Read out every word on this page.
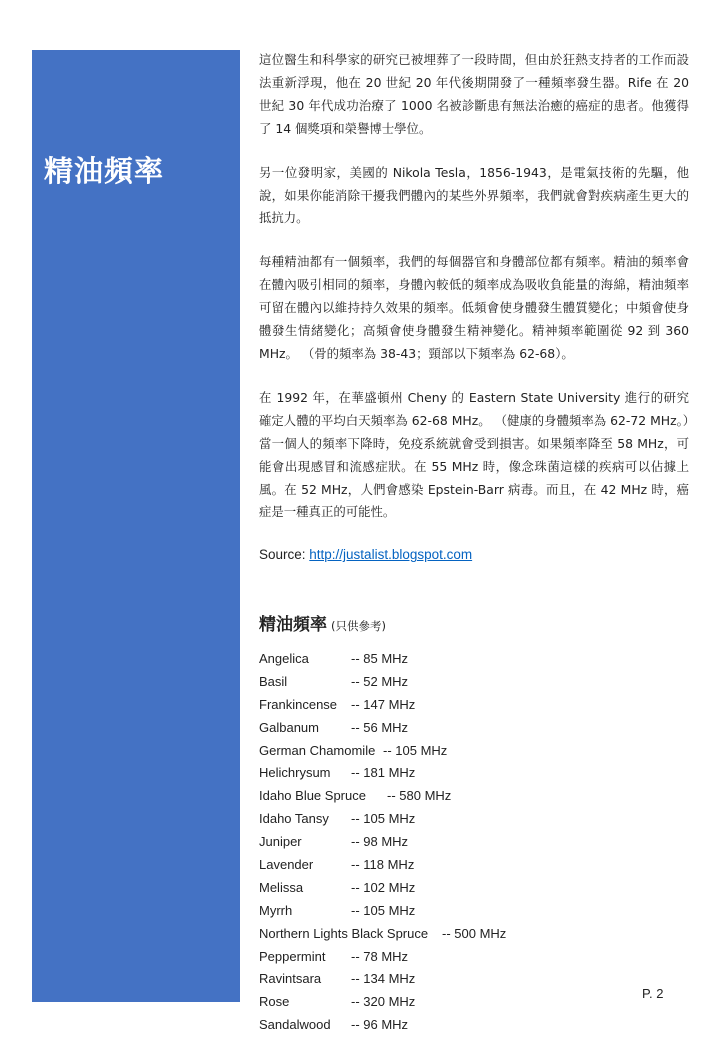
精油頻率

這位醫生和科學家的研究已被埋葬了一段時間，但由於狂熱支持者的工作而設法重新浮現，他在 20 世紀 20 年代後期開發了一種頻率發生器。Rife 在 20 世紀 30 年代成功治療了 1000 名被診斷患有無法治癒的癌症的患者。他獲得了 14 個獎項和榮譽博士學位。

另一位發明家，美國的 Nikola Tesla，1856-1943，是電氣技術的先驅，他說，如果你能消除干擾我們體內的某些外界頻率，我們就會對疾病產生更大的抵抗力。

每種精油都有一個頻率，我們的每個器官和身體部位都有頻率。精油的頻率會在體內吸引相同的頻率，身體內較低的頻率成為吸收負能量的海綿，精油頻率可留在體內以維持持久效果的頻率。低頻會使身體發生體質變化；中頻會使身體發生情緒變化；高頻會使身體發生精神變化。精神頻率範圍從 92 到 360 MHz。 （骨的頻率為 38-43；頸部以下頻率為 62-68）。

在 1992 年，在華盛頓州 Cheny 的 Eastern State University 進行的研究確定人體的平均白天頻率為 62-68 MHz。 （健康的身體頻率為 62-72 MHz。）當一個人的頻率下降時，免疫系統就會受到損害。如果頻率降至 58 MHz，可能會出現感冒和流感症狀。在 55 MHz 時，像念珠菌這樣的疾病可以佔據上風。在 52 MHz，人們會感染 Epstein-Barr 病毒。而且，在 42 MHz 時，癌症是一種真正的可能性。

Source: http://justalist.blogspot.com

精油頻率 (只供參考)
Angelica	-- 85 MHz
Basil	-- 52 MHz
Frankincense -- 147 MHz
Galbanum -- 56 MHz
German Chamomile -- 105 MHz
Helichrysum -- 181 MHz
Idaho Blue Spruce -- 580 MHz
Idaho Tansy -- 105 MHz
Juniper	-- 98 MHz
Lavender	-- 118 MHz
Melissa	-- 102 MHz
Myrrh	-- 105 MHz
Northern Lights Black Spruce -- 500 MHz
Peppermint -- 78 MHz
Ravintsara -- 134 MHz
Rose	-- 320 MHz
Sandalwood -- 96 MHz
P. 2
